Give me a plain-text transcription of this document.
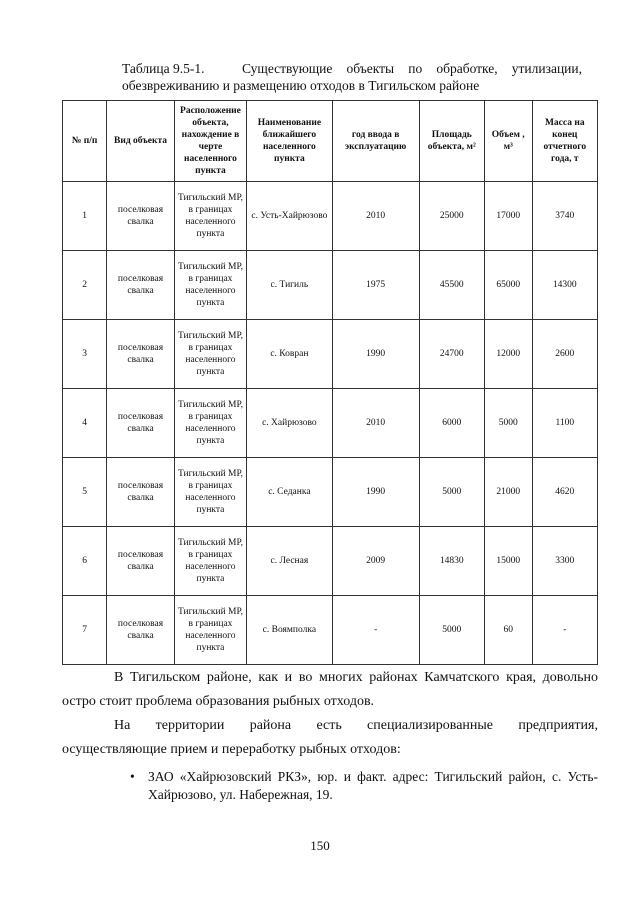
Таблица 9.5-1.	Существующие объекты по обработке, утилизации,
обезвреживанию и размещению отходов в Тигильском районе
№ п/п	Вид объекта	Расположение объекта, нахождение в черте населенного пункта	Наименование ближайшего населенного пункта	год ввода в эксплуатацию	Площадь объекта, м²	Объем , м³	Масса на конец отчетного года, т
1	поселковая свалка	Тигильский МР, в границах населенного пункта	с. Усть-Хайрюзово	2010	25000	17000	3740
2	поселковая свалка	Тигильский МР, в границах населенного пункта	с. Тигиль	1975	45500	65000	14300
3	поселковая свалка	Тигильский МР, в границах населенного пункта	с. Ковран	1990	24700	12000	2600
4	поселковая свалка	Тигильский МР, в границах населенного пункта	с. Хайрюзово	2010	6000	5000	1100
5	поселковая свалка	Тигильский МР, в границах населенного пункта	с. Седанка	1990	5000	21000	4620
6	поселковая свалка	Тигильский МР, в границах населенного пункта	с. Лесная	2009	14830	15000	3300
7	поселковая свалка	Тигильский МР, в границах населенного пункта	с. Воямполка	-	5000	60	-
В Тигильском районе, как и во многих районах Камчатского края, довольно остро стоит проблема образования рыбных отходов.
На территории района есть специализированные предприятия,
осуществляющие прием и переработку рыбных отходов:
• ЗАО «Хайрюзовский РКЗ», юр. и факт. адрес: Тигильский район, с. Усть-Хайрюзово, ул. Набережная, 19.
150
